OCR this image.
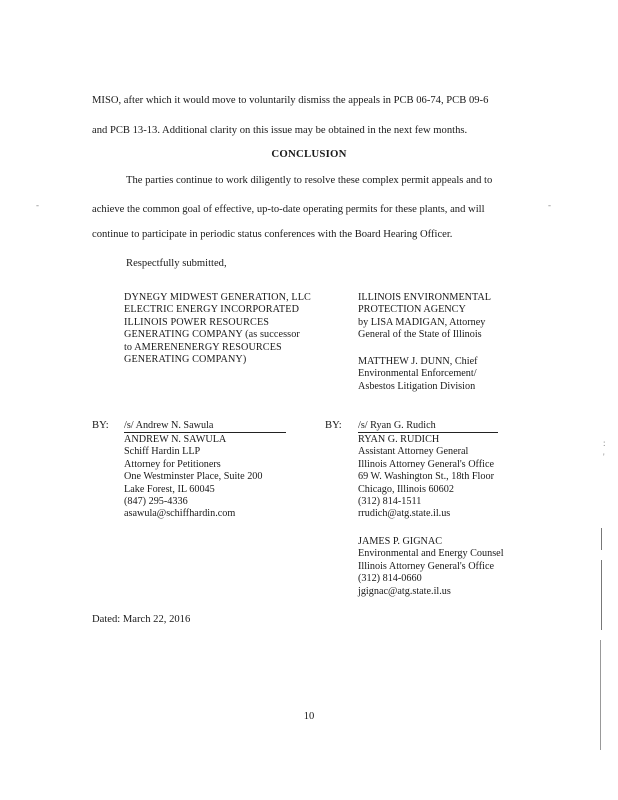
MISO, after which it would move to voluntarily dismiss the appeals in PCB 06-74, PCB 09-6
and PCB 13-13. Additional clarity on this issue may be obtained in the next few months.
CONCLUSION
The parties continue to work diligently to resolve these complex permit appeals and to
achieve the common goal of effective, up-to-date operating permits for these plants, and will
continue to participate in periodic status conferences with the Board Hearing Officer.
Respectfully submitted,
DYNEGY MIDWEST GENERATION, LLC
ELECTRIC ENERGY INCORPORATED
ILLINOIS POWER RESOURCES
GENERATING COMPANY (as successor
to AMERENENERGY RESOURCES
GENERATING COMPANY)
ILLINOIS ENVIRONMENTAL
PROTECTION AGENCY
by LISA MADIGAN, Attorney
General of the State of Illinois
MATTHEW J. DUNN, Chief
Environmental Enforcement/
Asbestos Litigation Division
BY: /s/ Andrew N. Sawula
ANDREW N. SAWULA
Schiff Hardin LLP
Attorney for Petitioners
One Westminster Place, Suite 200
Lake Forest, IL 60045
(847) 295-4336
asawula@schiffhardin.com
BY: /s/ Ryan G. Rudich
RYAN G. RUDICH
Assistant Attorney General
Illinois Attorney General's Office
69 W. Washington St., 18th Floor
Chicago, Illinois 60602
(312) 814-1511
rrudich@atg.state.il.us
JAMES P. GIGNAC
Environmental and Energy Counsel
Illinois Attorney General's Office
(312) 814-0660
jgignac@atg.state.il.us
Dated: March 22, 2016
10
-	-
:
'
